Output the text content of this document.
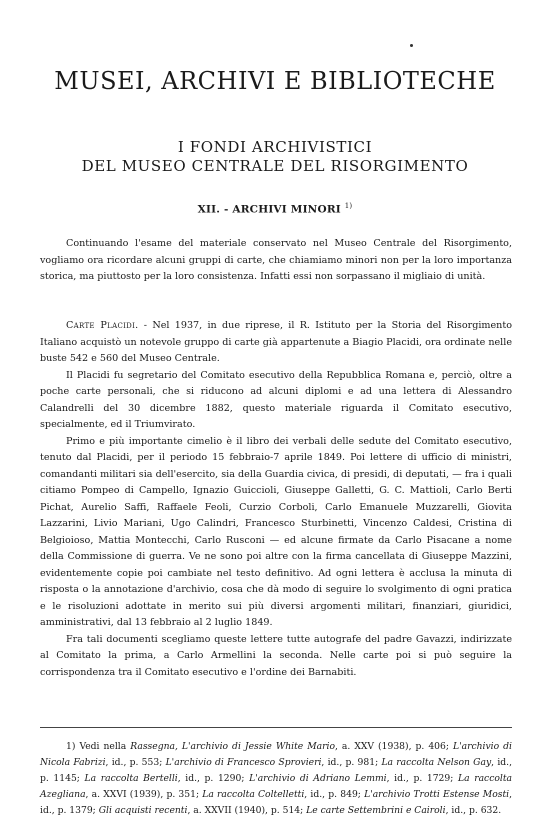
MUSEI, ARCHIVI E BIBLIOTECHE
I FONDI ARCHIVISTICI
DEL MUSEO CENTRALE DEL RISORGIMENTO
XII. - ARCHIVI MINORI $^{1)}$

Continuando l'esame del materiale conservato nel Museo Centrale del Risorgimento, vogliamo ora ricordare alcuni gruppi di carte, che chiamiamo minori non per la loro importanza storica, ma piuttosto per la loro consistenza. Infatti essi non sorpassano il migliaio di unità.

Carte Placidi. - Nel 1937, in due riprese, il R. Istituto per la Storia del Risorgimento Italiano acquistò un notevole gruppo di carte già appartenute a Biagio Placidi, ora ordinate nelle buste 542 e 560 del Museo Centrale.

Il Placidi fu segretario del Comitato esecutivo della Repubblica Romana e, perciò, oltre a poche carte personali, che si riducono ad alcuni diplomi e ad una lettera di Alessandro Calandrelli del 30 dicembre 1882, questo materiale riguarda il Comitato esecutivo, specialmente, ed il Triumvirato.

Primo e più importante cimelio è il libro dei verbali delle sedute del Comitato esecutivo, tenuto dal Placidi, per il periodo 15 febbraio-7 aprile 1849. Poi lettere di ufficio di ministri, comandanti militari sia dell'esercito, sia della Guardia civica, di presidi, di deputati, — fra i quali citiamo Pompeo di Campello, Ignazio Guiccioli, Giuseppe Galletti, G. C. Mattioli, Carlo Berti Pichat, Aurelio Saffi, Raffaele Feoli, Curzio Corboli, Carlo Emanuele Muzzarelli, Giovita Lazzarini, Livio Mariani, Ugo Calindri, Francesco Sturbinetti, Vincenzo Caldesi, Cristina di Belgioioso, Mattia Montecchi, Carlo Rusconi — ed alcune firmate da Carlo Pisacane a nome della Commissione di guerra. Ve ne sono poi altre con la firma cancellata di Giuseppe Mazzini, evidentemente copie poi cambiate nel testo definitivo. Ad ogni lettera è acclusa la minuta di risposta o la annotazione d'archivio, cosa che dà modo di seguire lo svolgimento di ogni pratica e le risoluzioni adottate in merito sui più diversi argomenti militari, finanziari, giuridici, amministrativi, dal 13 febbraio al 2 luglio 1849.

Fra tali documenti scegliamo queste lettere tutte autografe del padre Gavazzi, indirizzate al Comitato la prima, a Carlo Armellini la seconda. Nelle carte poi si può seguire la corrispondenza tra il Comitato esecutivo e l'ordine dei Barnabiti.

1) Vedi nella Rassegna, L'archivio di Jessie White Mario, a. XXV (1938), p. 406; L'archivio di Nicola Fabrizi, id., p. 553; L'archivio di Francesco Sprovieri, id., p. 981; La raccolta Nelson Gay, id., p. 1145; La raccolta Bertelli, id., p. 1290; L'archivio di Adriano Lemmi, id., p. 1729; La raccolta Azegliana, a. XXVI (1939), p. 351; La raccolta Coltelletti, id., p. 849; L'archivio Trotti Estense Mosti, id., p. 1379; Gli acquisti recenti, a. XXVII (1940), p. 514; Le carte Settembrini e Cairoli, id., p. 632.
